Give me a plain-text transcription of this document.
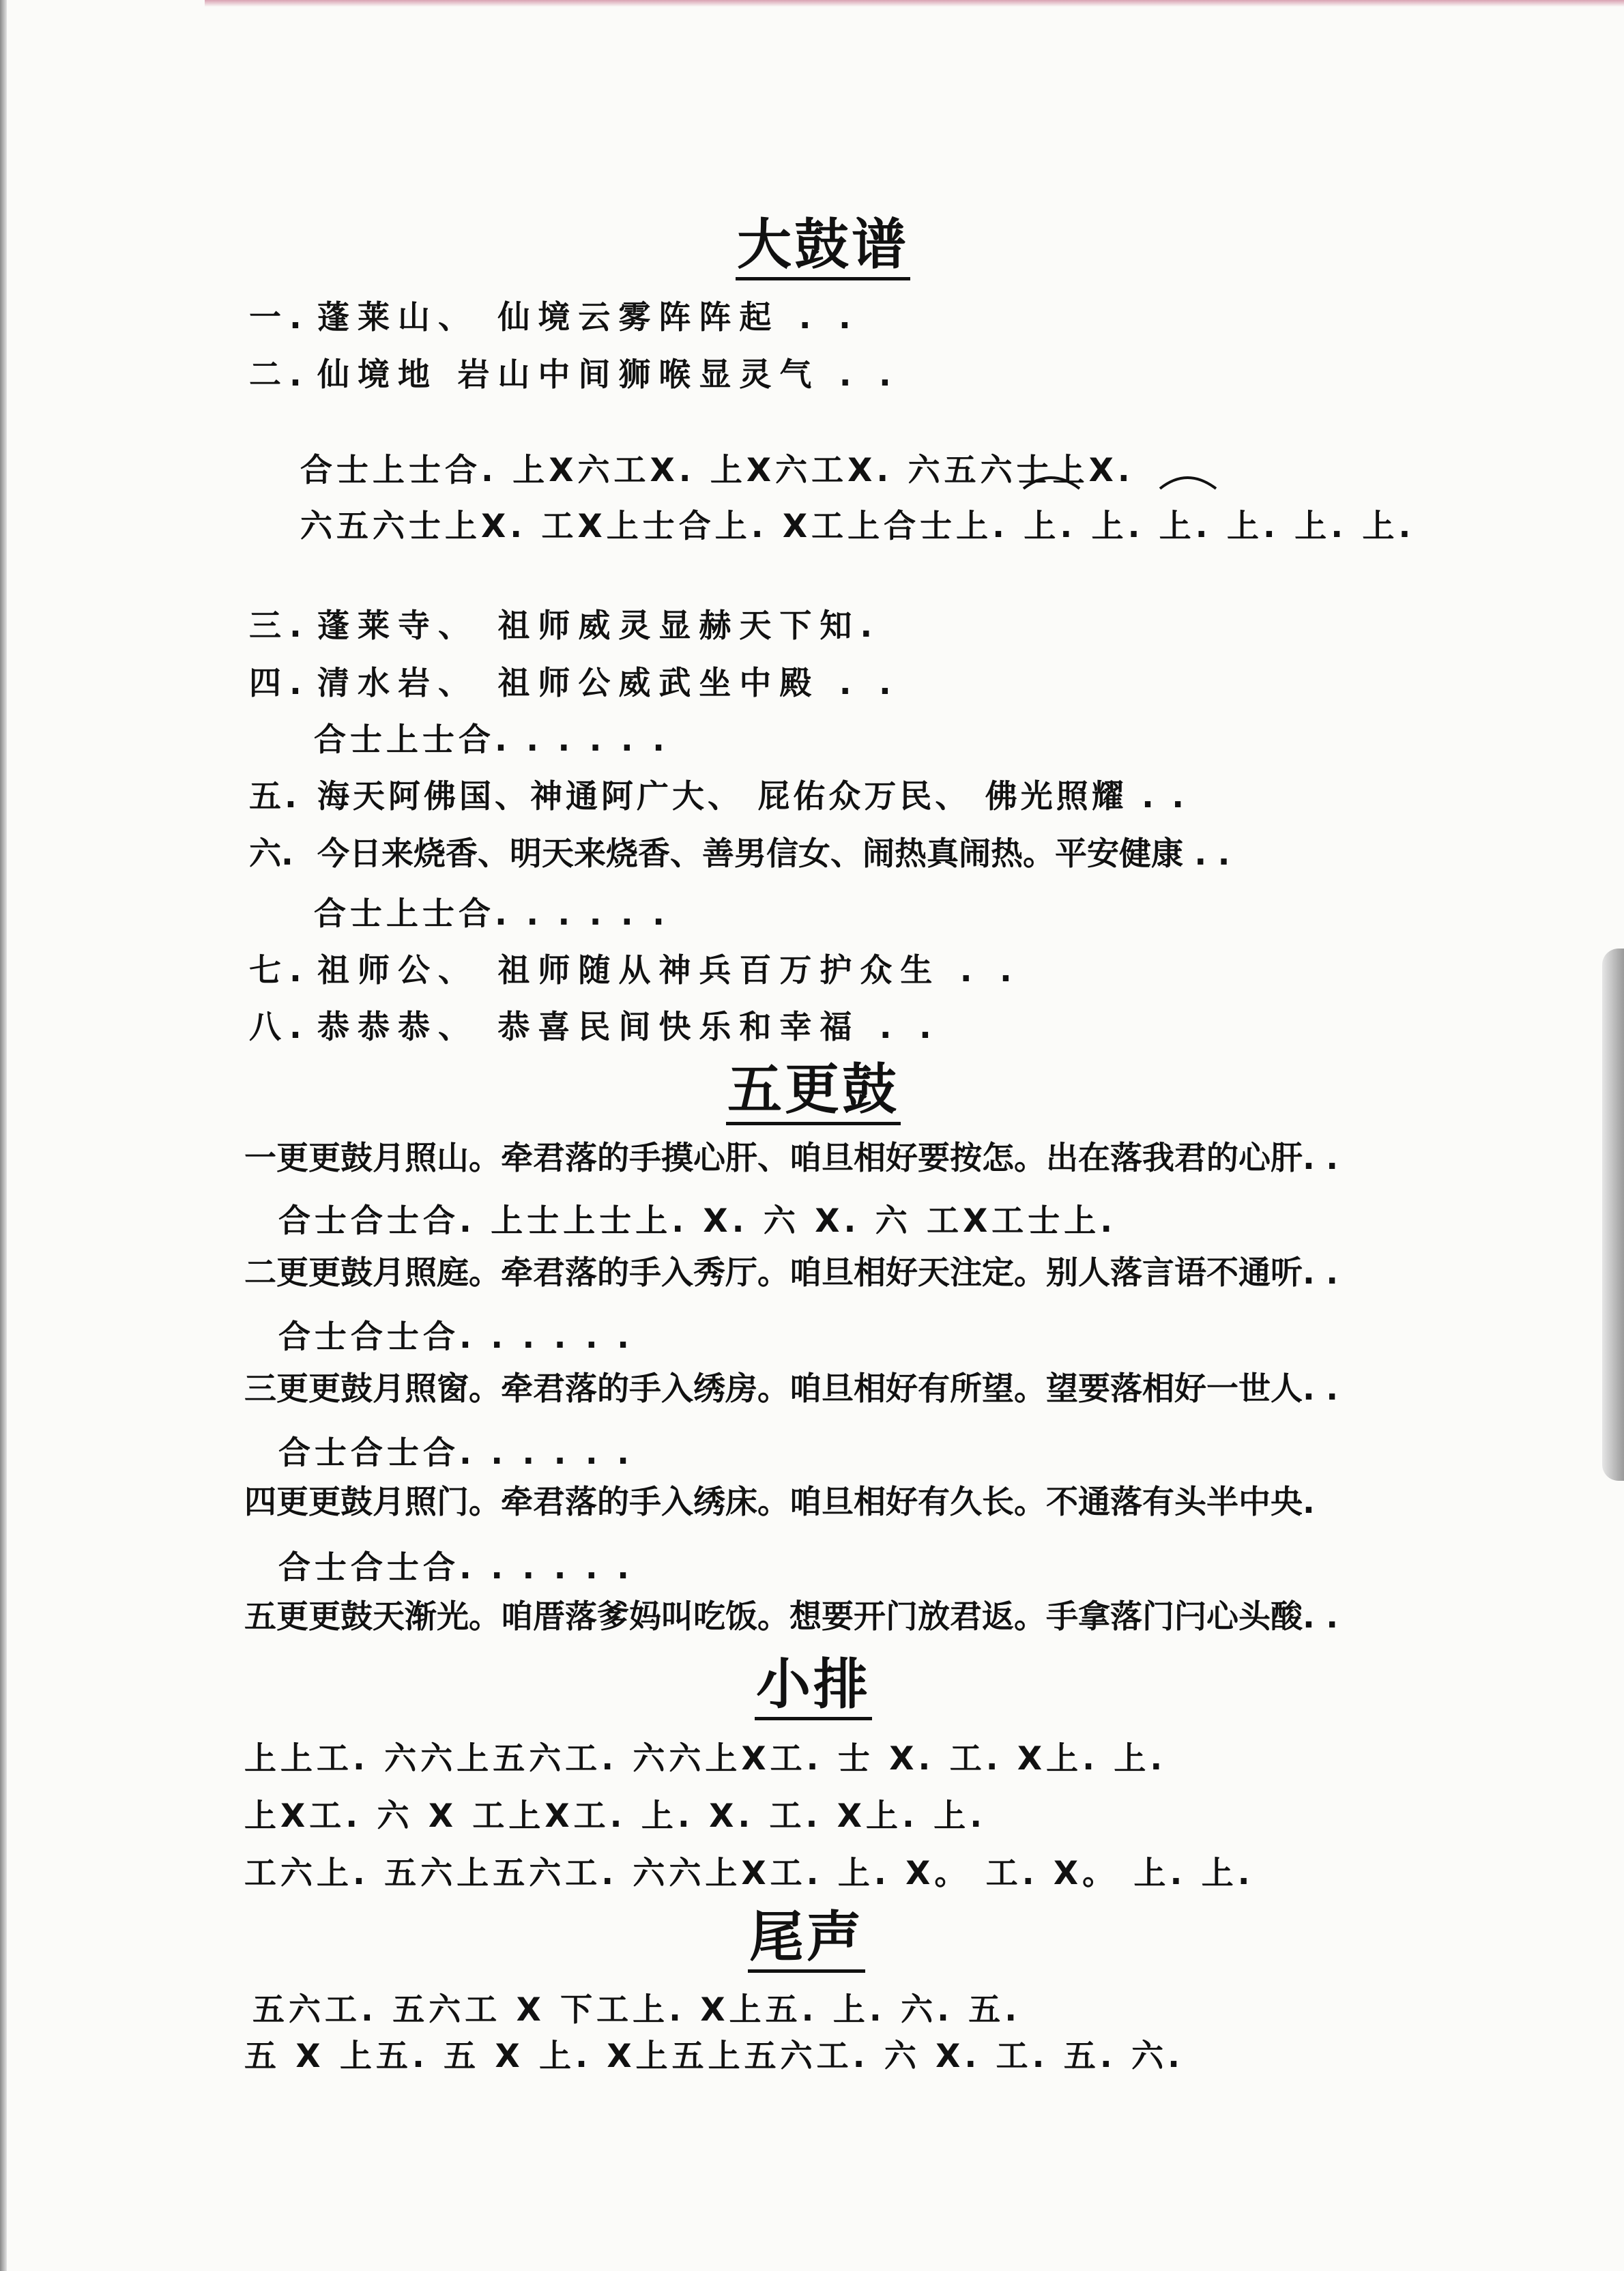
大鼓谱
一. 蓬莱山、 仙境云雾阵阵起 . .
二. 仙境地 岩山中间狮喉显灵气 . .
合士上士合. 上X六工X. 上X六工X. 六五六士上X.
六五六士上X. 工X上士合上. X工上合士上. 上. 上. 上. 上. 上. 上.
三. 蓬莱寺、 祖师威灵显赫天下知.
四. 清水岩、 祖师公威武坐中殿 . .
合士上士合. . . . . .
五. 海天阿佛国、神通阿广大、 屁佑众万民、 佛光照耀 . .
六. 今日来烧香、明天来烧香、善男信女、闹热真闹热。平安健康 . .
合士上士合. . . . . .
七. 祖师公、 祖师随从神兵百万护众生 . .
八. 恭恭恭、 恭喜民间快乐和幸福 . .
五更鼓
一更更鼓月照山。牵君落的手摸心肝、咱旦相好要按怎。出在落我君的心肝. .
合士合士合. 上士上士上. X. 六 X. 六 工X工士上.
二更更鼓月照庭。牵君落的手入秀厅。咱旦相好天注定。别人落言语不通听. .
合士合士合. . . . . .
三更更鼓月照窗。牵君落的手入绣房。咱旦相好有所望。望要落相好一世人. .
合士合士合. . . . . .
四更更鼓月照门。牵君落的手入绣床。咱旦相好有久长。不通落有头半中央.
合士合士合. . . . . .
五更更鼓天渐光。咱厝落爹妈叫吃饭。想要开门放君返。手拿落门闩心头酸. .
小排
上上工. 六六上五六工. 六六上X工. 士 X. 工. X上. 上.
上X工. 六 X 工上X工. 上. X. 工. X上. 上.
工六上. 五六上五六工. 六六上X工. 上. X。 工. X。 上. 上.
尾声
五六工. 五六工 X 下工上. X上五. 上. 六. 五.
五 X 上五. 五 X 上. X上五上五六工. 六 X. 工. 五. 六.
